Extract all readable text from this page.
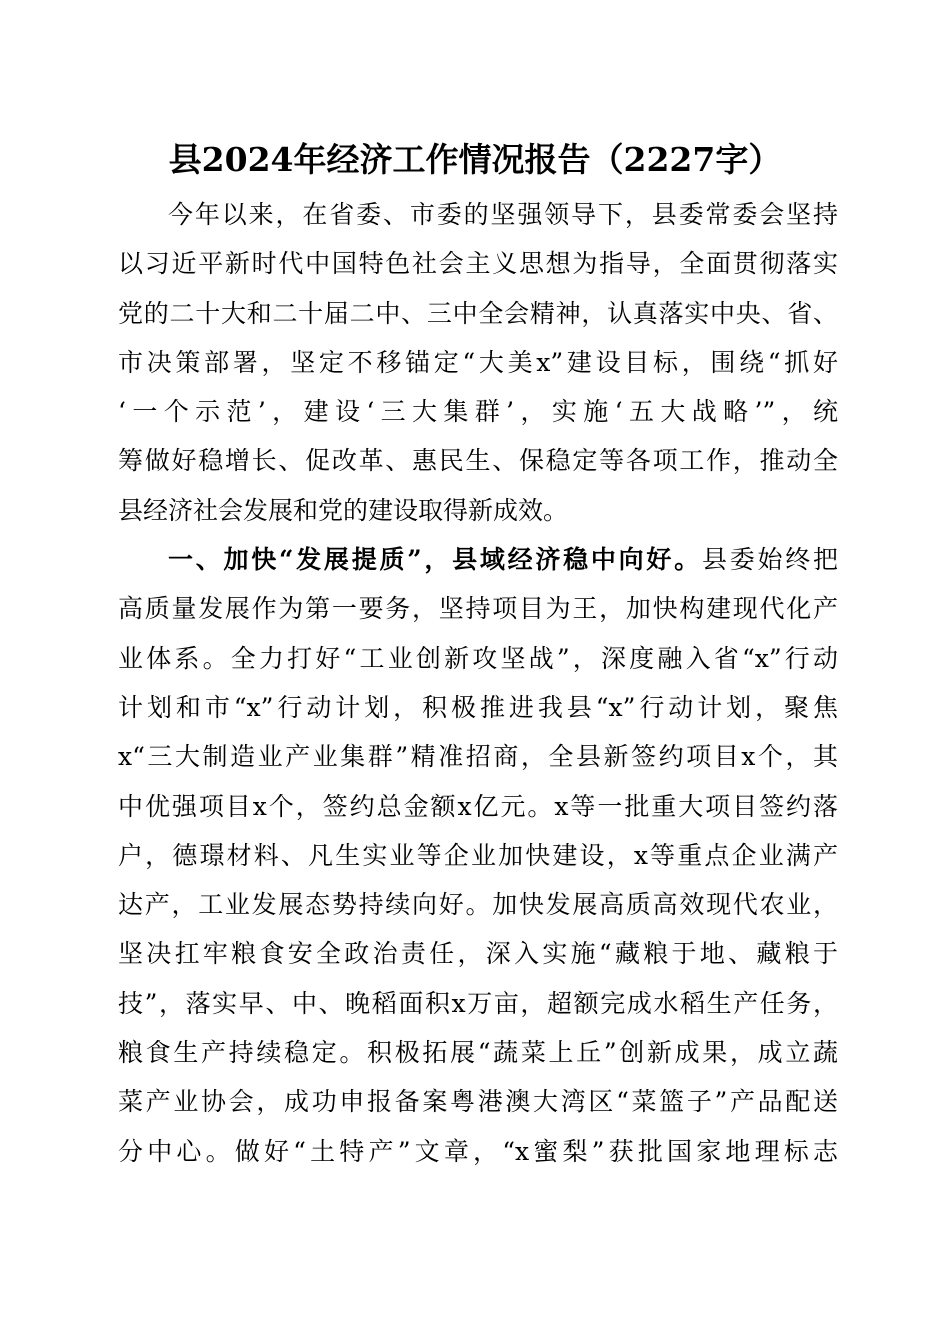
县2024年经济工作情况报告（2227字）
今年以来，在省委、市委的坚强领导下，县委常委会坚持
以习近平新时代中国特色社会主义思想为指导，全面贯彻落实
党的二十大和二十届二中、三中全会精神，认真落实中央、省、
市决策部署，坚定不移锚定“大美x”建设目标，围绕“抓好
‘一个示范’，建设‘三大集群’，实施‘五大战略’”，统
筹做好稳增长、促改革、惠民生、保稳定等各项工作，推动全
县经济社会发展和党的建设取得新成效。
一、加快“发展提质”，县域经济稳中向好。县委始终把
高质量发展作为第一要务，坚持项目为王，加快构建现代化产
业体系。全力打好“工业创新攻坚战”，深度融入省“x”行动
计划和市“x”行动计划，积极推进我县“x”行动计划，聚焦
x“三大制造业产业集群”精准招商，全县新签约项目x个，其
中优强项目x个，签约总金额x亿元。x等一批重大项目签约落
户，德璟材料、凡生实业等企业加快建设，x等重点企业满产
达产，工业发展态势持续向好。加快发展高质高效现代农业，
坚决扛牢粮食安全政治责任，深入实施“藏粮于地、藏粮于
技”，落实早、中、晚稻面积x万亩，超额完成水稻生产任务，
粮食生产持续稳定。积极拓展“蔬菜上丘”创新成果，成立蔬
菜产业协会，成功申报备案粤港澳大湾区“菜篮子”产品配送
分中心。做好“土特产”文章，“x蜜梨”获批国家地理标志
